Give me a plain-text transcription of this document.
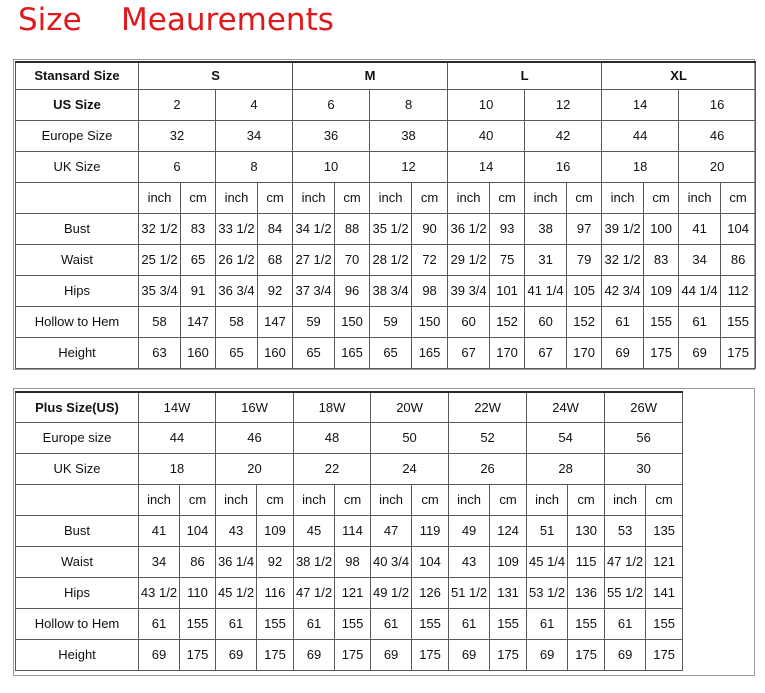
Size    Meaurements
Stansard Size	S				M				L				XL			
US Size	2		4		6		8		10		12		14		16	
Europe Size	32		34		36		38		40		42		44		46	
UK Size	6		8		10		12		14		16		18		20	
	inch	cm	inch	cm	inch	cm	inch	cm	inch	cm	inch	cm	inch	cm	inch	cm
Bust	32 1/2	83	33 1/2	84	34 1/2	88	35 1/2	90	36 1/2	93	38	97	39 1/2	100	41	104
Waist	25 1/2	65	26 1/2	68	27 1/2	70	28 1/2	72	29 1/2	75	31	79	32 1/2	83	34	86
Hips	35 3/4	91	36 3/4	92	37 3/4	96	38 3/4	98	39 3/4	101	41 1/4	105	42 3/4	109	44 1/4	112
Hollow to Hem	58	147	58	147	59	150	59	150	60	152	60	152	61	155	61	155
Height	63	160	65	160	65	165	65	165	67	170	67	170	69	175	69	175
Plus Size(US)	14W		16W		18W		20W		22W		24W		26W	
Europe size	44		46		48		50		52		54		56	
UK Size	18		20		22		24		26		28		30	
	inch	cm	inch	cm	inch	cm	inch	cm	inch	cm	inch	cm	inch	cm
Bust	41	104	43	109	45	114	47	119	49	124	51	130	53	135
Waist	34	86	36 1/4	92	38 1/2	98	40 3/4	104	43	109	45 1/4	115	47 1/2	121
Hips	43 1/2	110	45 1/2	116	47 1/2	121	49 1/2	126	51 1/2	131	53 1/2	136	55 1/2	141
Hollow to Hem	61	155	61	155	61	155	61	155	61	155	61	155	61	155
Height	69	175	69	175	69	175	69	175	69	175	69	175	69	175
